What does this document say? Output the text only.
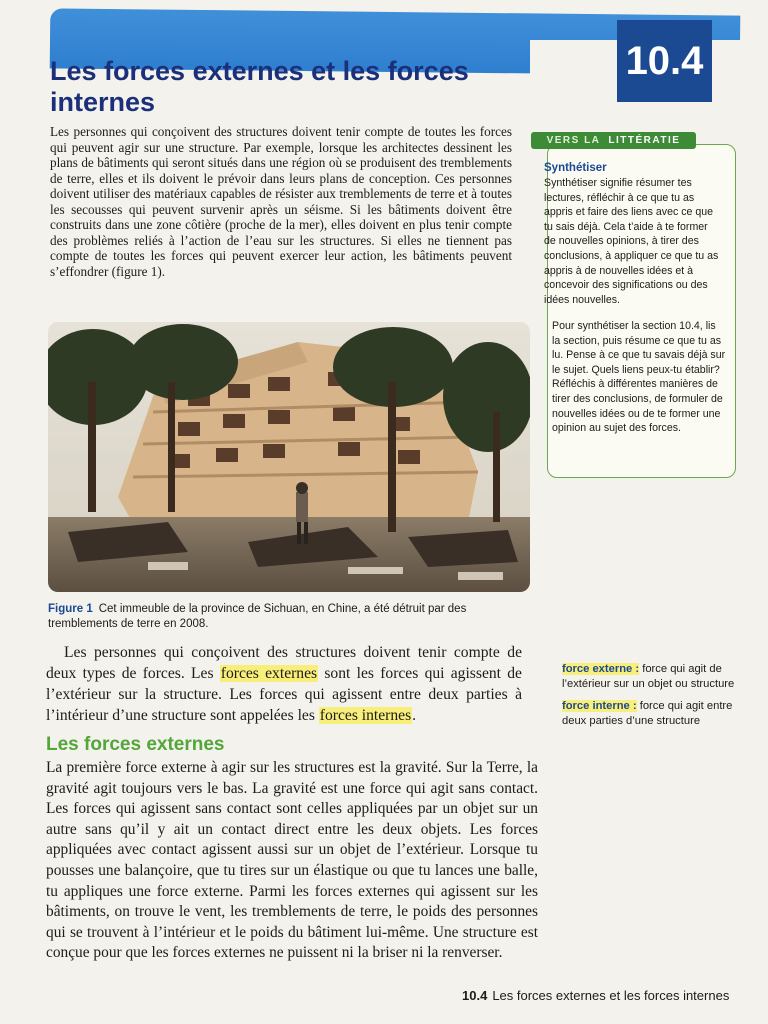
10.4
Les forces externes et les forces internes

Les personnes qui conçoivent des structures doivent tenir compte de toutes les forces qui peuvent agir sur une structure. Par exemple, lorsque les architectes dessinent les plans de bâtiments qui seront situés dans une région où se produisent des tremblements de terre, elles et ils doivent le prévoir dans leurs plans de conception. Ces personnes doivent utiliser des matériaux capables de résister aux tremblements de terre et à toutes les secousses qui peuvent survenir après un séisme. Si les bâtiments doivent être construits dans une zone côtière (proche de la mer), elles doivent en plus tenir compte des problèmes reliés à l’action de l’eau sur les structures. Si elles ne tiennent pas compte de toutes les forces qui peuvent exercer leur action, les bâtiments peuvent s’effondrer (figure 1).

Figure 1 Cet immeuble de la province de Sichuan, en Chine, a été détruit par des tremblements de terre en 2008.

VERS LA LITTÉRATIE
Synthétiser

Synthétiser signifie résumer tes lectures, réfléchir à ce que tu as appris et faire des liens avec ce que tu sais déjà. Cela t’aide à te former de nouvelles opinions, à tirer des conclusions, à appliquer ce que tu as appris à de nouvelles idées et à concevoir des significations ou des idées nouvelles.

Pour synthétiser la section 10.4, lis la section, puis résume ce que tu as lu. Pense à ce que tu savais déjà sur le sujet. Quels liens peux-tu établir? Réfléchis à différentes manières de tirer des conclusions, de formuler de nouvelles idées ou de te former une opinion au sujet des forces.

Les personnes qui conçoivent des structures doivent tenir compte de deux types de forces. Les forces externes sont les forces qui agissent de l’extérieur sur la structure. Les forces qui agissent entre deux parties à l’intérieur d’une structure sont appelées les forces internes.

force externe : force qui agit de l’extérieur sur un objet ou structure

force interne : force qui agit entre deux parties d’une structure

Les forces externes

La première force externe à agir sur les structures est la gravité. Sur la Terre, la gravité agit toujours vers le bas. La gravité est une force qui agit sans contact. Les forces qui agissent sans contact sont celles appliquées par un objet sur un autre sans qu’il y ait un contact direct entre les deux objets. Les forces appliquées avec contact agissent aussi sur un objet de l’extérieur. Lorsque tu pousses une balançoire, que tu tires sur un élastique ou que tu lances une balle, tu appliques une force externe. Parmi les forces externes qui agissent sur les bâtiments, on trouve le vent, les tremblements de terre, le poids des personnes qui se trouvent à l’intérieur et le poids du bâtiment lui-même. Une structure est conçue pour que les forces externes ne puissent ni la briser ni la renverser.

10.4 Les forces externes et les forces internes
